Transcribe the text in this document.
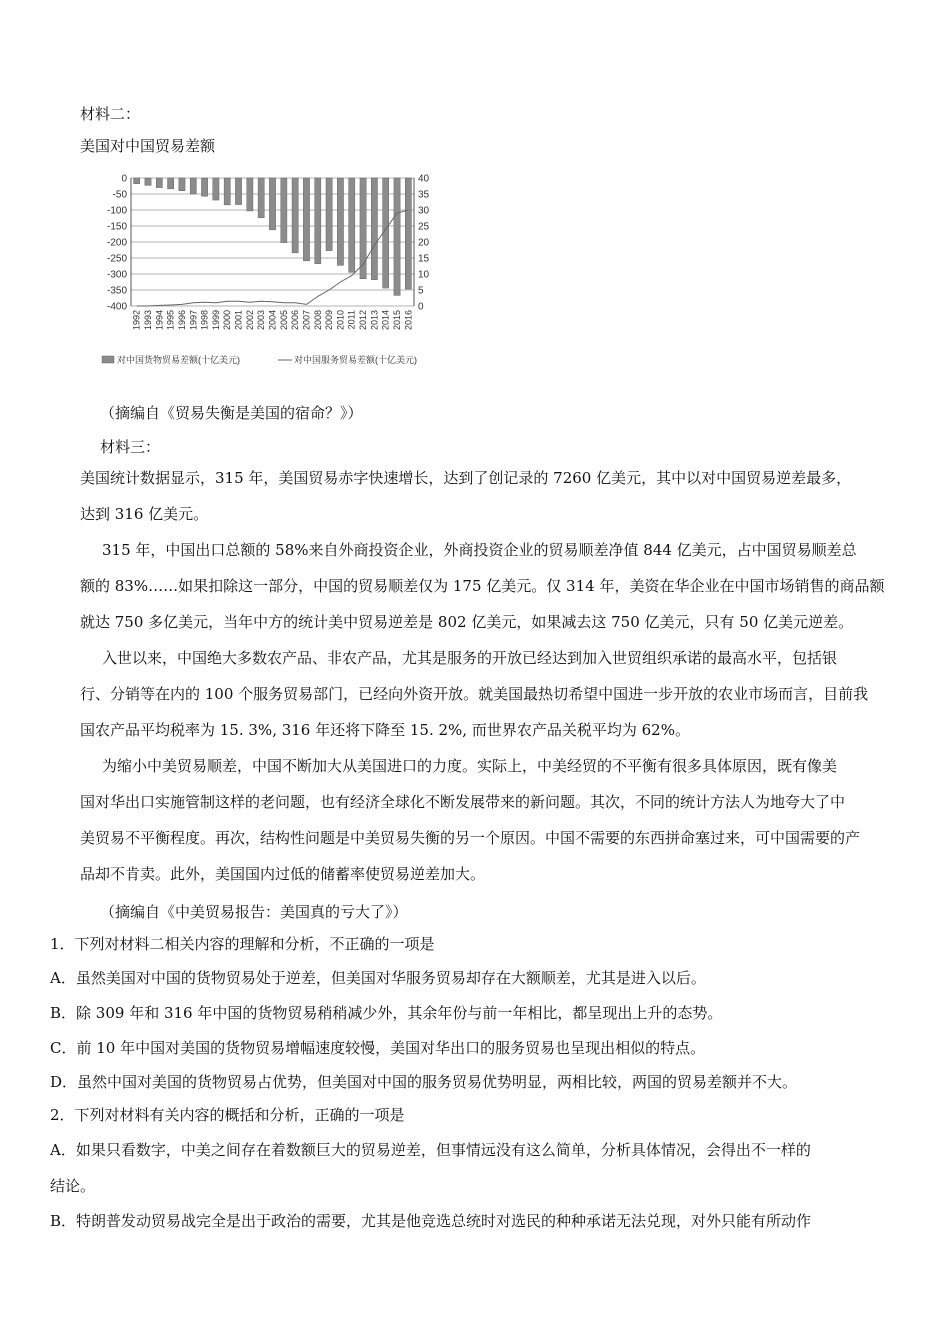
材料二：
美国对中国贸易差额
0
-50
-100
-150
-200
-250
-300
-350
-400
40
35
30
25
20
15
10
5
0
1992 1993 1994 1995 1996 1997 1998 1999 2000 2001 2002 2003 2004 2005 2006 2007 2008 2009 2010 2011 2012 2013 2014 2015 2016
对中国货物贸易差额(十亿美元)	对中国服务贸易差额(十亿美元)
（摘编自《贸易失衡是美国的宿命？》）
材料三：
美国统计数据显示，315 年，美国贸易赤字快速增长，达到了创记录的 7260 亿美元，其中以对中国贸易逆差最多，
达到 316 亿美元。
315 年，中国出口总额的 58%来自外商投资企业，外商投资企业的贸易顺差净值 844 亿美元，占中国贸易顺差总
额的 83%……如果扣除这一部分，中国的贸易顺差仅为 175 亿美元。仅 314 年，美资在华企业在中国市场销售的商品额
就达 750 多亿美元，当年中方的统计美中贸易逆差是 802 亿美元，如果减去这 750 亿美元，只有 50 亿美元逆差。
入世以来，中国绝大多数农产品、非农产品，尤其是服务的开放已经达到加入世贸组织承诺的最高水平，包括银
行、分销等在内的 100 个服务贸易部门，已经向外资开放。就美国最热切希望中国进一步开放的农业市场而言，目前我
国农产品平均税率为 15. 3%, 316 年还将下降至 15. 2%, 而世界农产品关税平均为 62%。
为缩小中美贸易顺差，中国不断加大从美国进口的力度。实际上，中美经贸的不平衡有很多具体原因，既有像美
国对华出口实施管制这样的老问题，也有经济全球化不断发展带来的新问题。其次，不同的统计方法人为地夸大了中
美贸易不平衡程度。再次，结构性问题是中美贸易失衡的另一个原因。中国不需要的东西拼命塞过来，可中国需要的产
品却不肯卖。此外，美国国内过低的储蓄率使贸易逆差加大。
（摘编自《中美贸易报告：美国真的亏大了》）
1．下列对材料二相关内容的理解和分析，不正确的一项是
A．虽然美国对中国的货物贸易处于逆差，但美国对华服务贸易却存在大额顺差，尤其是进入以后。
B．除 309 年和 316 年中国的货物贸易稍稍减少外，其余年份与前一年相比，都呈现出上升的态势。
C．前 10 年中国对美国的货物贸易增幅速度较慢，美国对华出口的服务贸易也呈现出相似的特点。
D．虽然中国对美国的货物贸易占优势，但美国对中国的服务贸易优势明显，两相比较，两国的贸易差额并不大。
2．下列对材料有关内容的概括和分析，正确的一项是
A．如果只看数字，中美之间存在着数额巨大的贸易逆差，但事情远没有这么简单，分析具体情况，会得出不一样的
结论。
B．特朗普发动贸易战完全是出于政治的需要，尤其是他竞选总统时对选民的种种承诺无法兑现，对外只能有所动作
